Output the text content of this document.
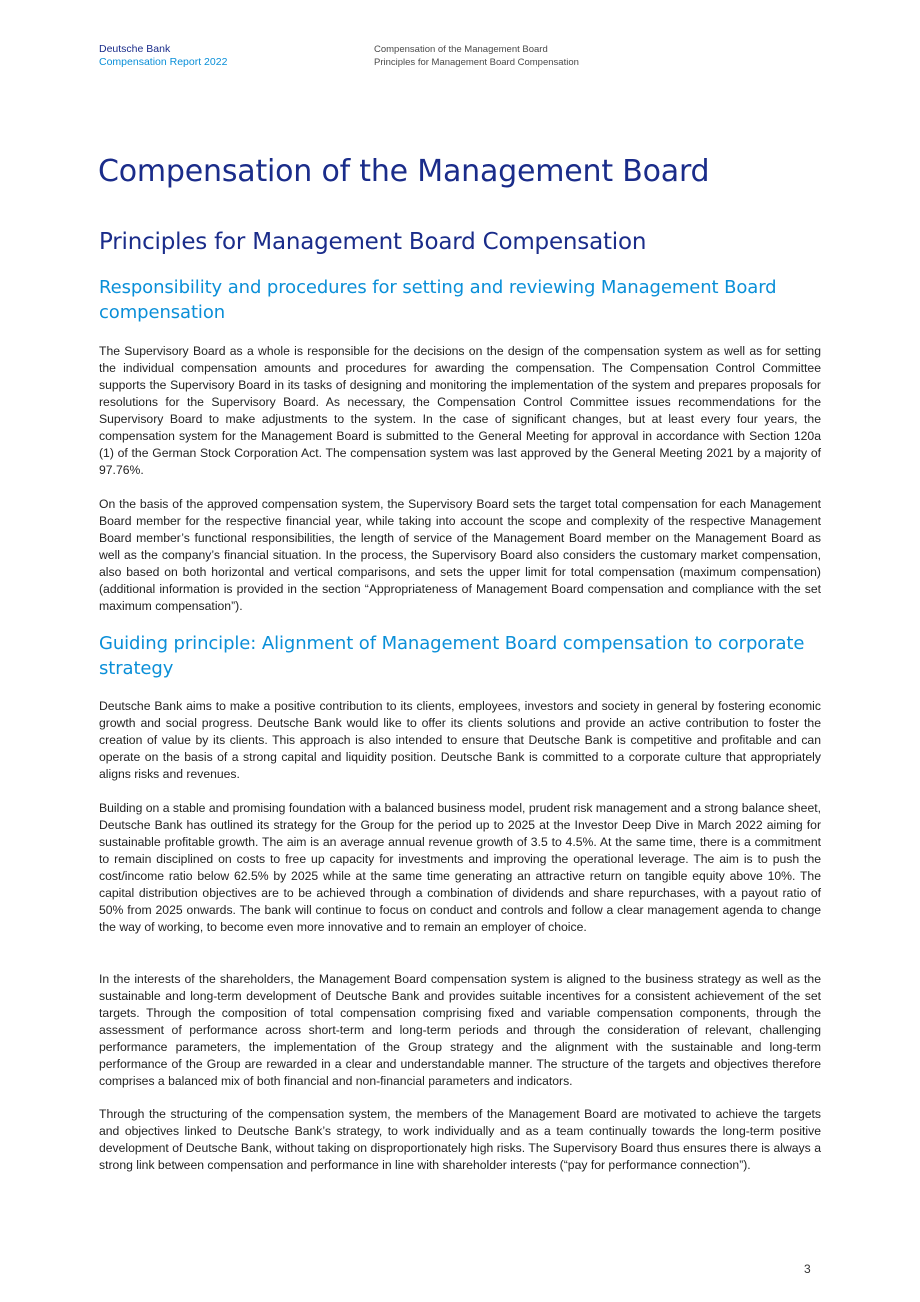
Deutsche Bank
Compensation Report 2022
Compensation of the Management Board
Principles for Management Board Compensation
Compensation of the Management Board
Principles for Management Board Compensation
Responsibility and procedures for setting and reviewing Management Board compensation

The Supervisory Board as a whole is responsible for the decisions on the design of the compensation system as well as for setting the individual compensation amounts and procedures for awarding the compensation. The Compensation Control Committee supports the Supervisory Board in its tasks of designing and monitoring the implementation of the system and prepares proposals for resolutions for the Supervisory Board. As necessary, the Compensation Control Committee issues recommendations for the Supervisory Board to make adjustments to the system. In the case of significant changes, but at least every four years, the compensation system for the Management Board is submitted to the General Meeting for approval in accordance with Section 120a (1) of the German Stock Corporation Act. The compensation system was last approved by the General Meeting 2021 by a majority of 97.76%.

On the basis of the approved compensation system, the Supervisory Board sets the target total compensation for each Management Board member for the respective financial year, while taking into account the scope and complexity of the respective Management Board member’s functional responsibilities, the length of service of the Management Board member on the Management Board as well as the company’s financial situation. In the process, the Supervisory Board also considers the customary market compensation, also based on both horizontal and vertical comparisons, and sets the upper limit for total compensation (maximum compensation) (additional information is provided in the section “Appropriateness of Management Board compensation and compliance with the set maximum compensation”).

Guiding principle: Alignment of Management Board compensation to corporate strategy

Deutsche Bank aims to make a positive contribution to its clients, employees, investors and society in general by fostering economic growth and social progress. Deutsche Bank would like to offer its clients solutions and provide an active contribution to foster the creation of value by its clients. This approach is also intended to ensure that Deutsche Bank is competitive and profitable and can operate on the basis of a strong capital and liquidity position. Deutsche Bank is committed to a corporate culture that appropriately aligns risks and revenues.

Building on a stable and promising foundation with a balanced business model, prudent risk management and a strong balance sheet, Deutsche Bank has outlined its strategy for the Group for the period up to 2025 at the Investor Deep Dive in March 2022 aiming for sustainable profitable growth. The aim is an average annual revenue growth of 3.5 to 4.5%. At the same time, there is a commitment to remain disciplined on costs to free up capacity for investments and improving the operational leverage. The aim is to push the cost/income ratio below 62.5% by 2025 while at the same time generating an attractive return on tangible equity above 10%. The capital distribution objectives are to be achieved through a combination of dividends and share repurchases, with a payout ratio of 50% from 2025 onwards. The bank will continue to focus on conduct and controls and follow a clear management agenda to change the way of working, to become even more innovative and to remain an employer of choice.

In the interests of the shareholders, the Management Board compensation system is aligned to the business strategy as well as the sustainable and long-term development of Deutsche Bank and provides suitable incentives for a consistent achievement of the set targets. Through the composition of total compensation comprising fixed and variable compensation components, through the assessment of performance across short-term and long-term periods and through the consideration of relevant, challenging performance parameters, the implementation of the Group strategy and the alignment with the sustainable and long-term performance of the Group are rewarded in a clear and understandable manner. The structure of the targets and objectives therefore comprises a balanced mix of both financial and non-financial parameters and indicators.

Through the structuring of the compensation system, the members of the Management Board are motivated to achieve the targets and objectives linked to Deutsche Bank’s strategy, to work individually and as a team continually towards the long-term positive development of Deutsche Bank, without taking on disproportionately high risks. The Supervisory Board thus ensures there is always a strong link between compensation and performance in line with shareholder interests (“pay for performance connection”).

3
